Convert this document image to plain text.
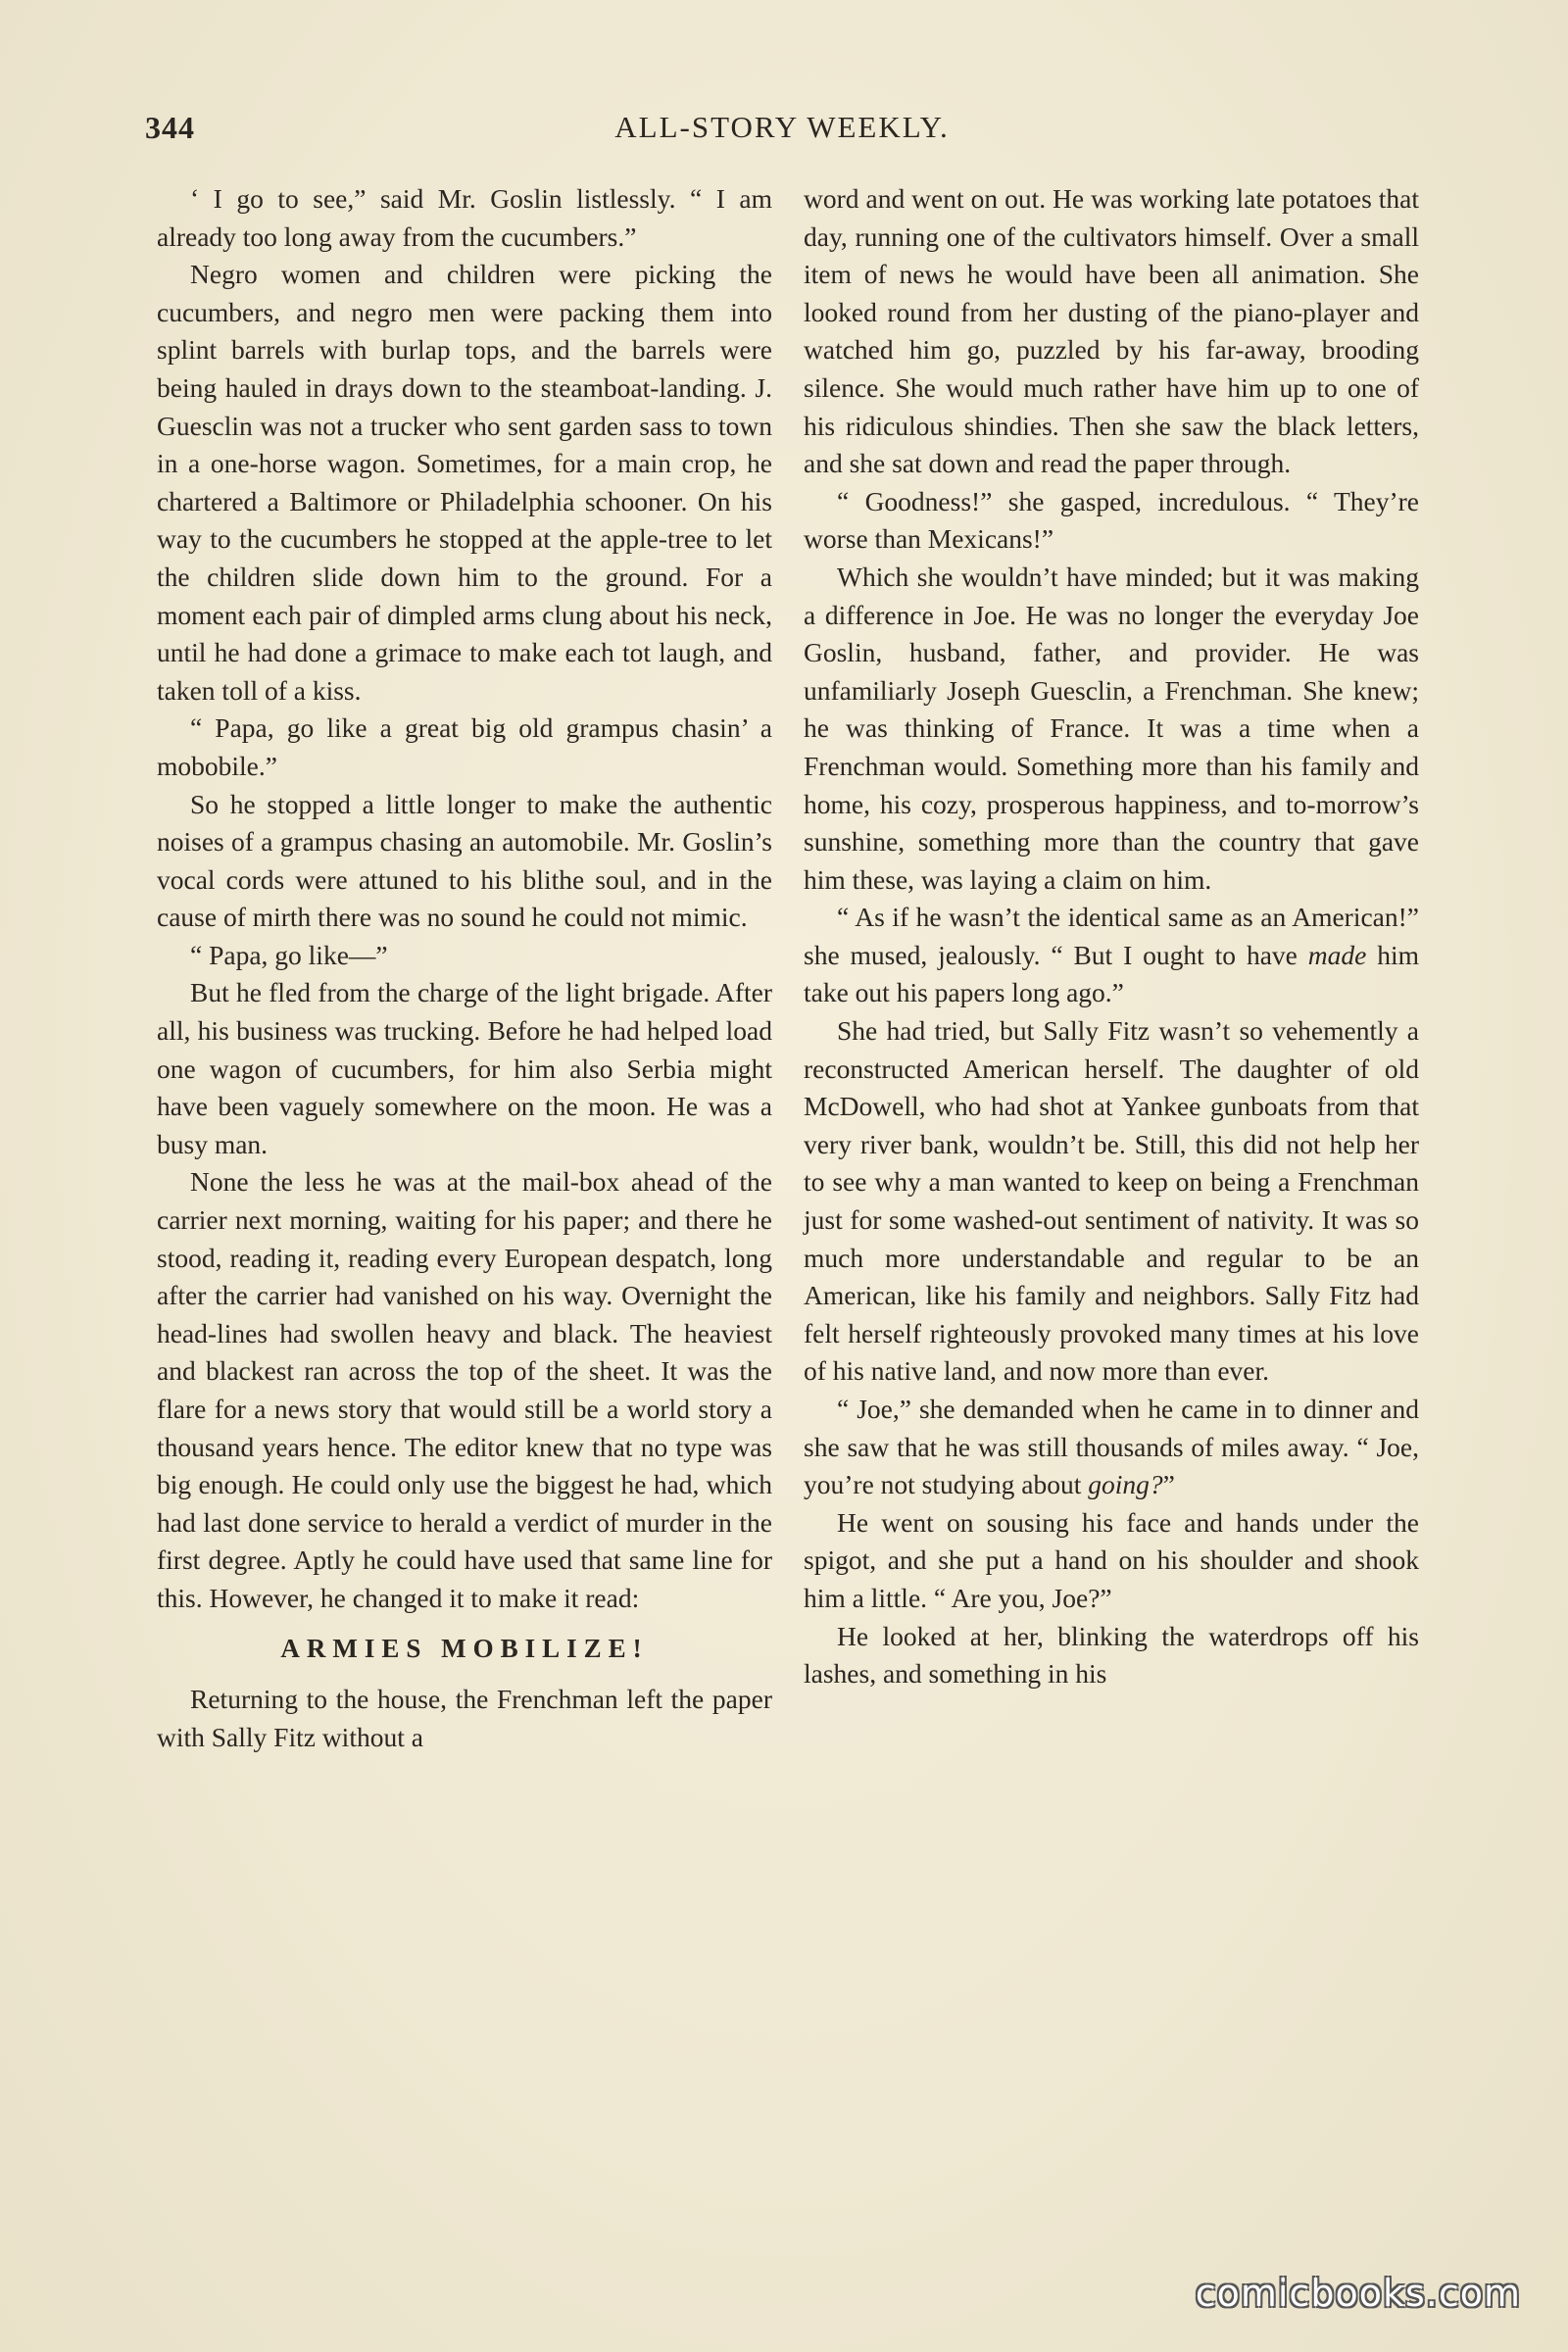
344	ALL-STORY WEEKLY.

‘ I go to see,” said Mr. Goslin listlessly. “ I am already too long away from the cucumbers.”

Negro women and children were picking the cucumbers, and negro men were packing them into splint barrels with burlap tops, and the barrels were being hauled in drays down to the steamboat-landing. J. Guesclin was not a trucker who sent garden sass to town in a one-horse wagon. Sometimes, for a main crop, he chartered a Baltimore or Philadelphia schooner. On his way to the cucumbers he stopped at the apple-tree to let the children slide down him to the ground. For a moment each pair of dimpled arms clung about his neck, until he had done a grimace to make each tot laugh, and taken toll of a kiss.

“ Papa, go like a great big old grampus chasin’ a mobobile.”

So he stopped a little longer to make the authentic noises of a grampus chasing an automobile. Mr. Goslin’s vocal cords were attuned to his blithe soul, and in the cause of mirth there was no sound he could not mimic.

“ Papa, go like—”

But he fled from the charge of the light brigade. After all, his business was trucking. Before he had helped load one wagon of cucumbers, for him also Serbia might have been vaguely somewhere on the moon. He was a busy man.

None the less he was at the mail-box ahead of the carrier next morning, waiting for his paper; and there he stood, reading it, reading every European despatch, long after the carrier had vanished on his way. Overnight the head-lines had swollen heavy and black. The heaviest and blackest ran across the top of the sheet. It was the flare for a news story that would still be a world story a thousand years hence. The editor knew that no type was big enough. He could only use the biggest he had, which had last done service to herald a verdict of murder in the first degree. Aptly he could have used that same line for this. However, he changed it to make it read:

ARMIES MOBILIZE!

Returning to the house, the Frenchman left the paper with Sally Fitz without a

word and went on out. He was working late potatoes that day, running one of the cultivators himself. Over a small item of news he would have been all animation. She looked round from her dusting of the piano-player and watched him go, puzzled by his far-away, brooding silence. She would much rather have him up to one of his ridiculous shindies. Then she saw the black letters, and she sat down and read the paper through.

“ Goodness!” she gasped, incredulous. “ They’re worse than Mexicans!”

Which she wouldn’t have minded; but it was making a difference in Joe. He was no longer the everyday Joe Goslin, husband, father, and provider. He was unfamiliarly Joseph Guesclin, a Frenchman. She knew; he was thinking of France. It was a time when a Frenchman would. Something more than his family and home, his cozy, prosperous happiness, and to-morrow’s sunshine, something more than the country that gave him these, was laying a claim on him.

“ As if he wasn’t the identical same as an American!” she mused, jealously. “ But I ought to have made him take out his papers long ago.”

She had tried, but Sally Fitz wasn’t so vehemently a reconstructed American herself. The daughter of old McDowell, who had shot at Yankee gunboats from that very river bank, wouldn’t be. Still, this did not help her to see why a man wanted to keep on being a Frenchman just for some washed-out sentiment of nativity. It was so much more understandable and regular to be an American, like his family and neighbors. Sally Fitz had felt herself righteously provoked many times at his love of his native land, and now more than ever.

“ Joe,” she demanded when he came in to dinner and she saw that he was still thousands of miles away. “ Joe, you’re not studying about going?”

He went on sousing his face and hands under the spigot, and she put a hand on his shoulder and shook him a little. “ Are you, Joe?”

He looked at her, blinking the waterdrops off his lashes, and something in his

comicbooks.com
